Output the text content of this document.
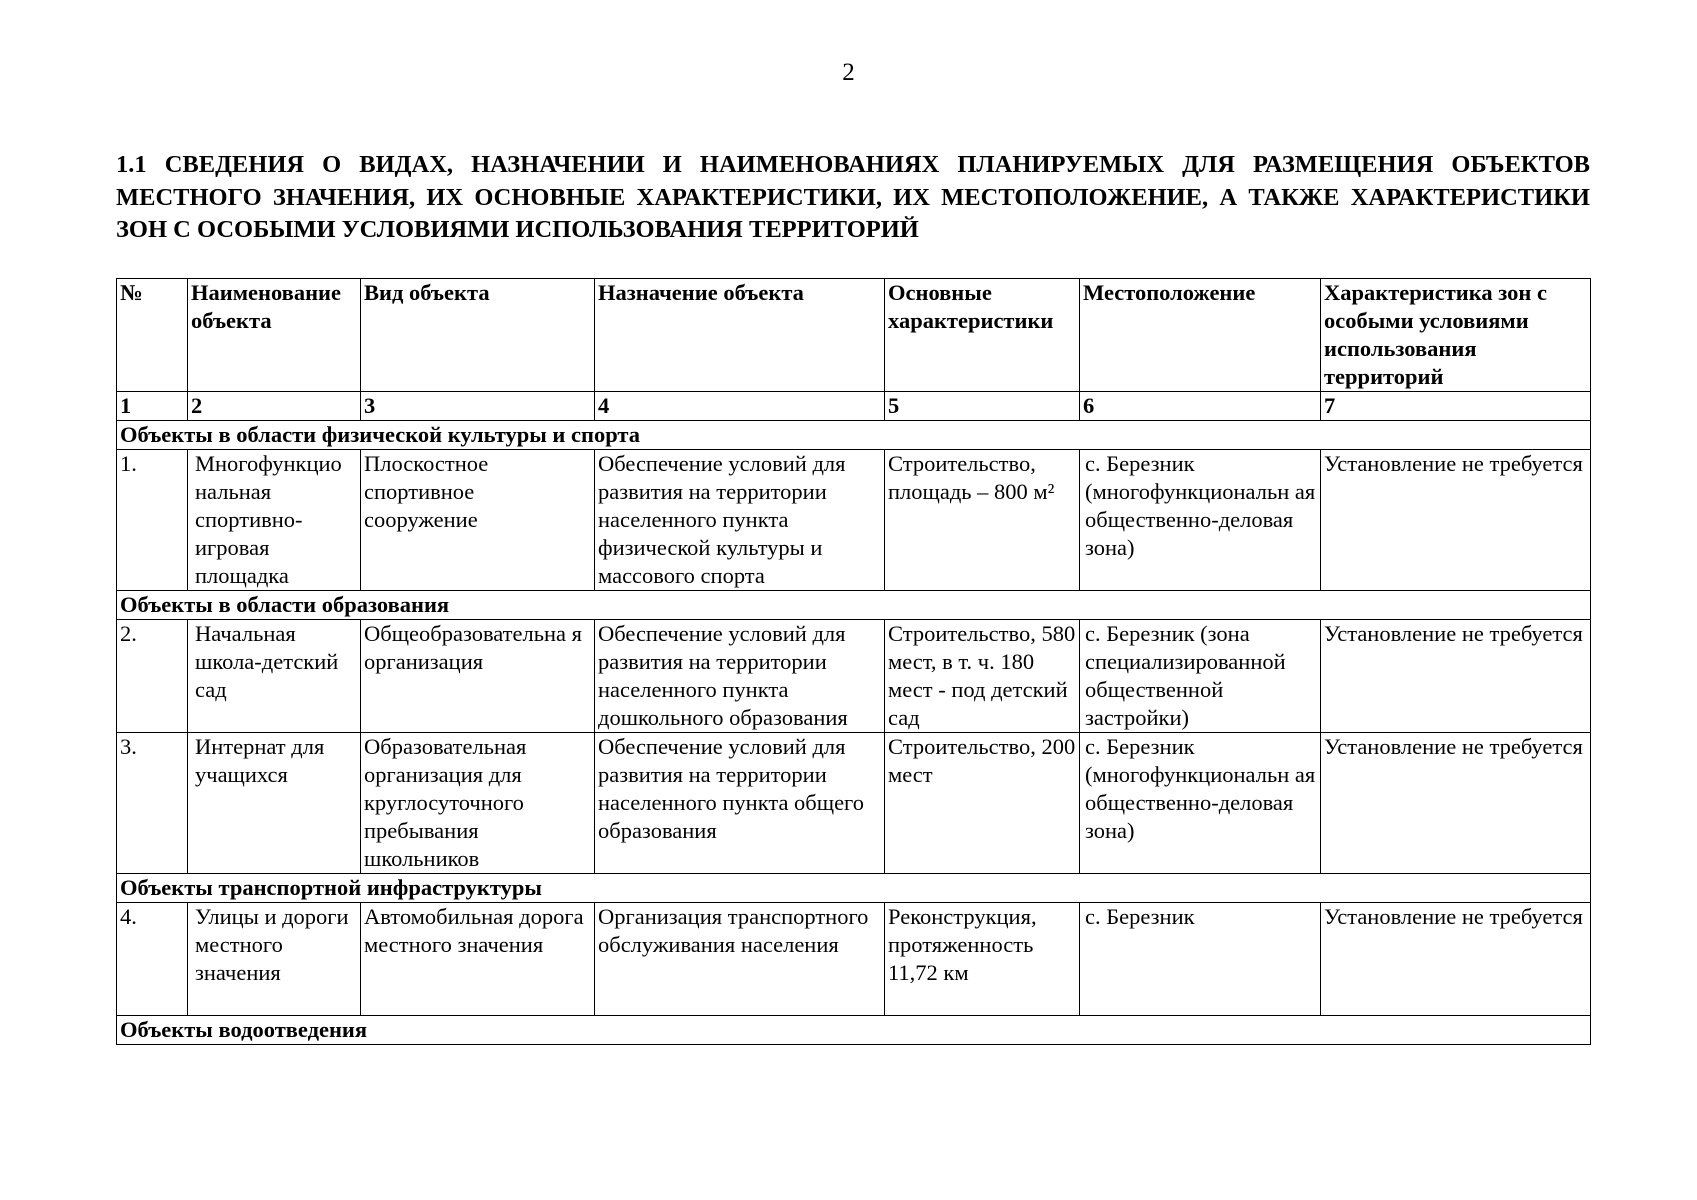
2
1.1 СВЕДЕНИЯ О ВИДАХ, НАЗНАЧЕНИИ И НАИМЕНОВАНИЯХ ПЛАНИРУЕМЫХ ДЛЯ РАЗМЕЩЕНИЯ ОБЪЕКТОВ МЕСТНОГО ЗНАЧЕНИЯ, ИХ ОСНОВНЫЕ ХАРАКТЕРИСТИКИ, ИХ МЕСТОПОЛОЖЕНИЕ, А ТАКЖЕ ХАРАКТЕРИСТИКИ ЗОН С ОСОБЫМИ УСЛОВИЯМИ ИСПОЛЬЗОВАНИЯ ТЕРРИТОРИЙ
№	Наименование объекта	Вид объекта	Назначение объекта	Основные характеристики	Местоположение	Характеристика зон с особыми условиями использования территорий
1	2	3	4	5	6	7
Объекты в области физической культуры и спорта						
1.	Многофункцио нальная спортивно-игровая площадка	Плоскостное спортивное сооружение	Обеспечение условий для развития на территории населенного пункта физической культуры и массового спорта	Строительство, площадь – 800 м²	с. Березник (многофункциональн ая общественно-деловая зона)	Установление не требуется
Объекты в области образования						
2.	Начальная школа-детский сад	Общеобразовательна я организация	Обеспечение условий для развития на территории населенного пункта дошкольного образования	Строительство, 580 мест, в т. ч. 180 мест - под детский сад	с. Березник (зона специализированной общественной застройки)	Установление не требуется
3.	Интернат для учащихся	Образовательная организация для круглосуточного пребывания школьников	Обеспечение условий для развития на территории населенного пункта общего образования	Строительство, 200 мест	с. Березник (многофункциональн ая общественно-деловая зона)	Установление не требуется
Объекты транспортной инфраструктуры						
4.	Улицы и дороги местного значения	Автомобильная дорога местного значения	Организация транспортного обслуживания населения	Реконструкция, протяженность 11,72 км	с. Березник	Установление не требуется
Объекты водоотведения						
